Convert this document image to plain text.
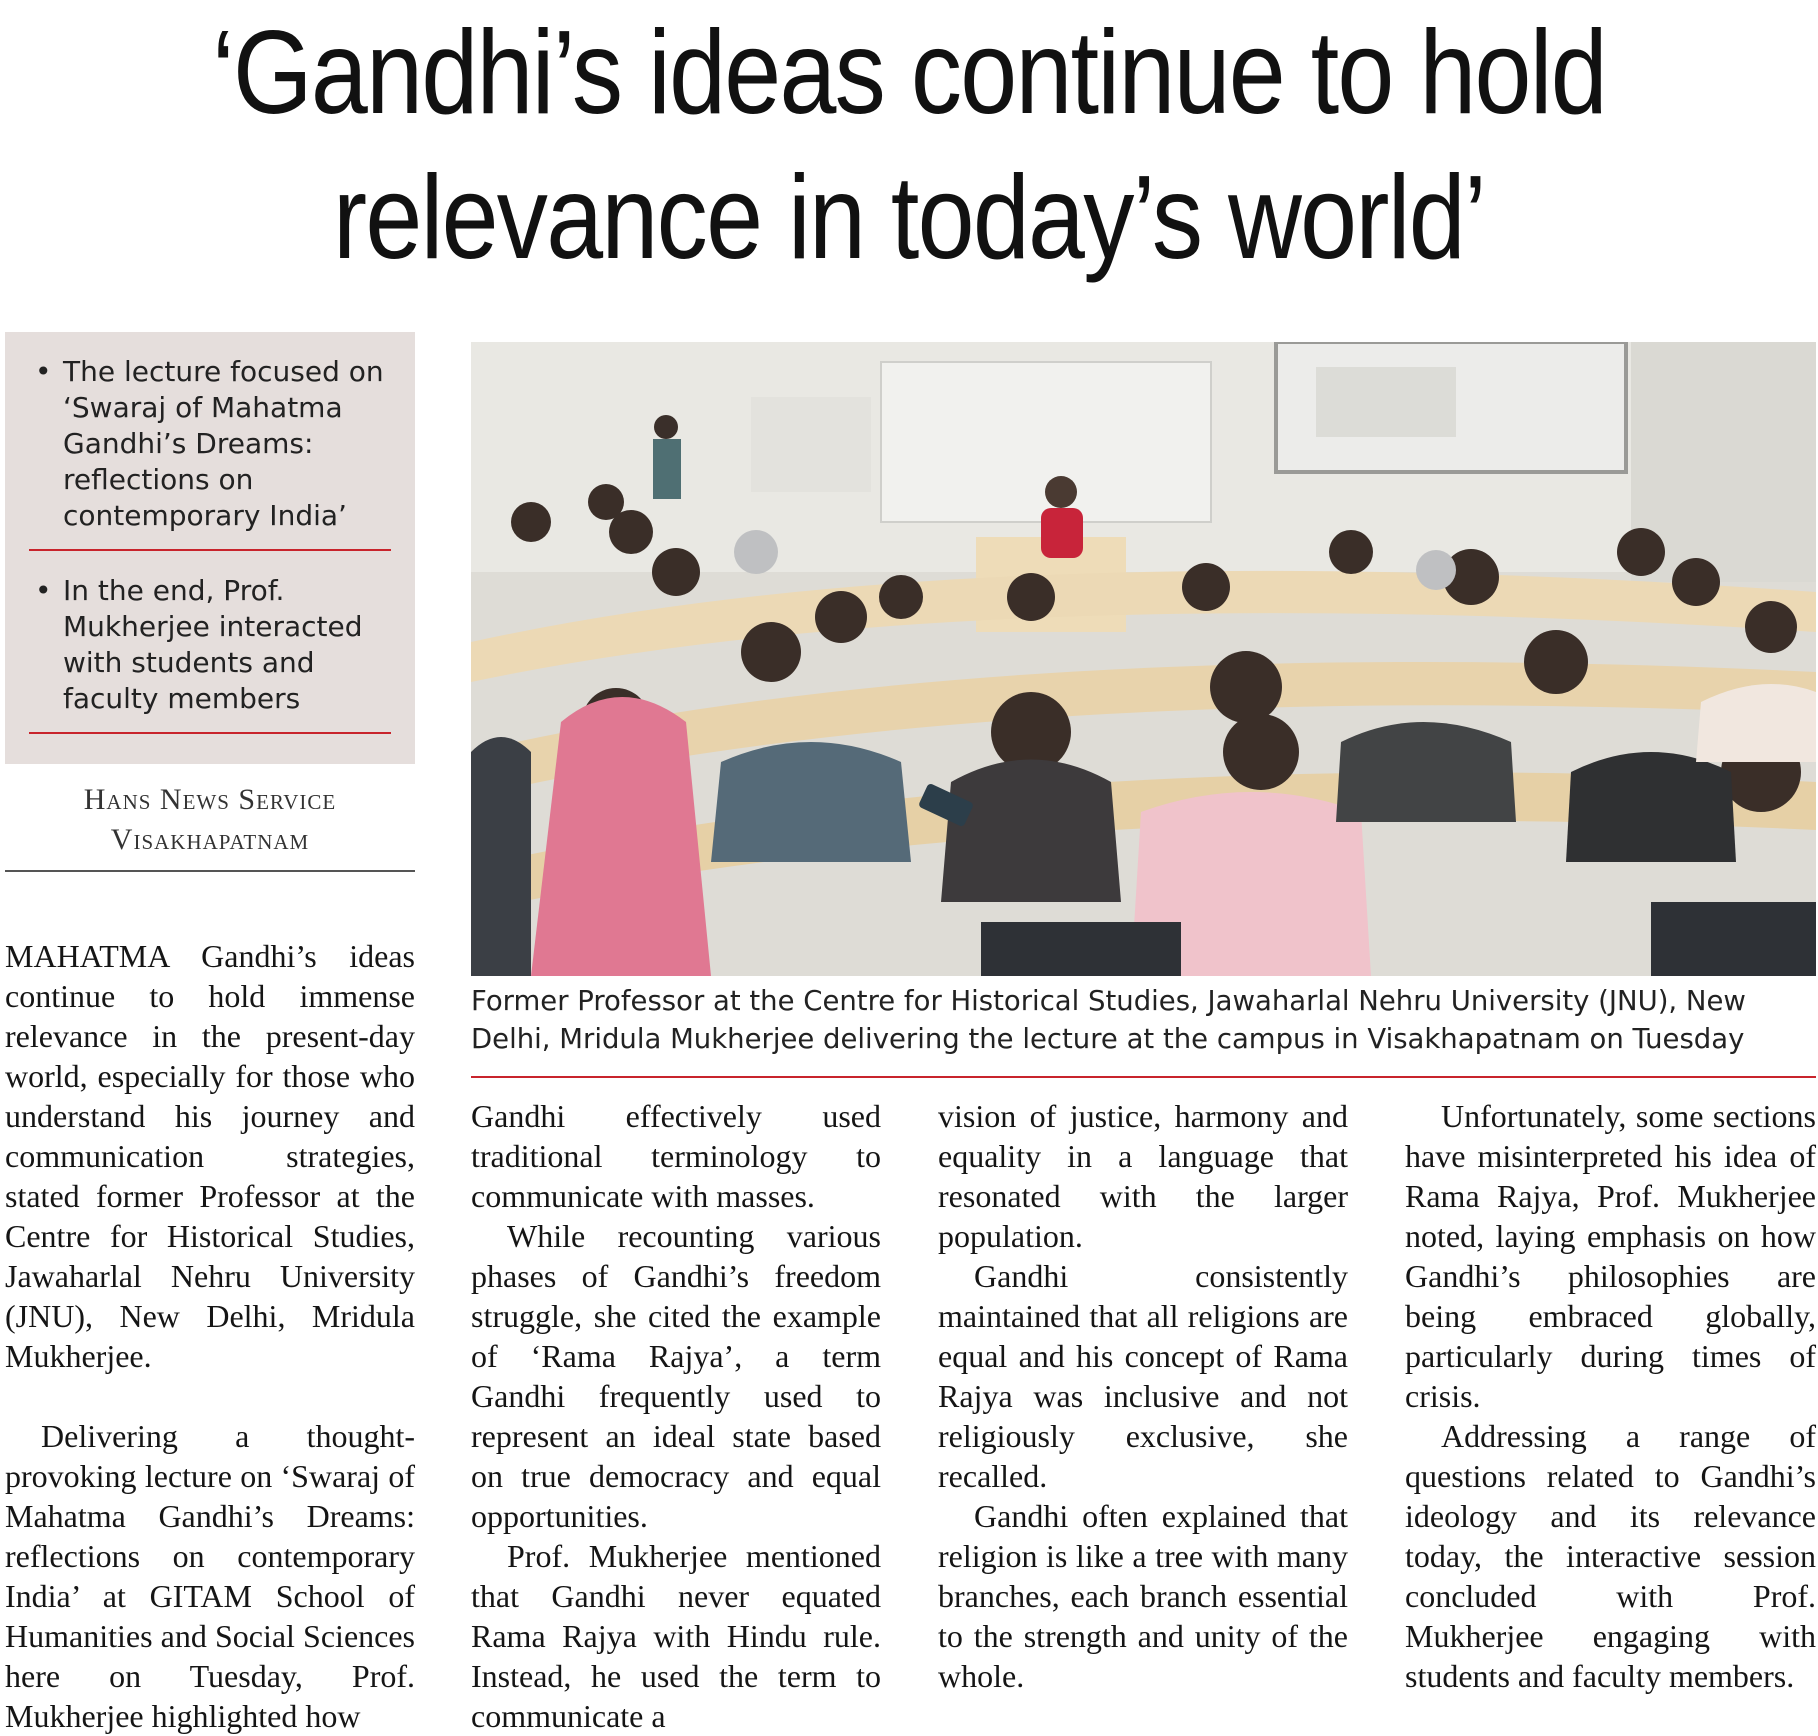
‘Gandhi’s ideas continue to hold
relevance in today’s world’
• The lecture focused on ‘Swaraj of Mahatma Gandhi’s Dreams: reflections on contemporary India’
• In the end, Prof. Mukherjee interacted with students and faculty members
Hans News Service
Visakhapatnam
Former Professor at the Centre for Historical Studies, Jawaharlal Nehru University (JNU), New Delhi, Mridula Mukherjee delivering the lecture at the campus in Visakhapatnam on Tuesday

MAHATMA Gandhi’s ideas continue to hold immense relevance in the present-day world, especially for those who understand his journey and communication strategies, stated former Professor at the Centre for Historical Studies, Jawaharlal Nehru University (JNU), New Delhi, Mridula Mukherjee.

Delivering a thought-provoking lecture on ‘Swaraj of Mahatma Gandhi’s Dreams: reflections on contemporary India’ at GITAM School of Humanities and Social Sciences here on Tuesday, Prof. Mukherjee highlighted how

Gandhi effectively used traditional terminology to communicate with masses.

While recounting various phases of Gandhi’s freedom struggle, she cited the example of ‘Rama Rajya’, a term Gandhi frequently used to represent an ideal state based on true democracy and equal opportunities.

Prof. Mukherjee mentioned that Gandhi never equated Rama Rajya with Hindu rule. Instead, he used the term to communicate a

vision of justice, harmony and equality in a language that resonated with the larger population.

Gandhi consistently maintained that all religions are equal and his concept of Rama Rajya was inclusive and not religiously exclusive, she recalled.

Gandhi often explained that religion is like a tree with many branches, each branch essential to the strength and unity of the whole.

Unfortunately, some sections have misinterpreted his idea of Rama Rajya, Prof. Mukherjee noted, laying emphasis on how Gandhi’s philosophies are being embraced globally, particularly during times of crisis.

Addressing a range of questions related to Gandhi’s ideology and its relevance today, the interactive session concluded with Prof. Mukherjee engaging with students and faculty members.
